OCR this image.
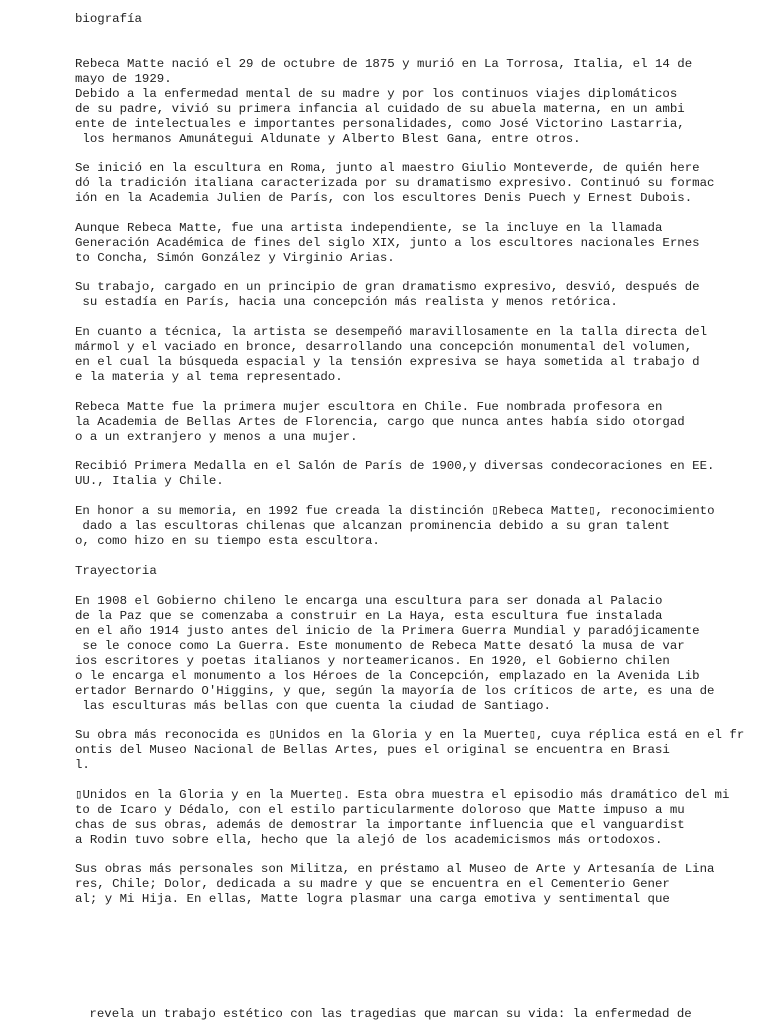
biografía
Rebeca Matte nació el 29 de octubre de 1875 y murió en La Torrosa, Italia, el 14 de
mayo de 1929.
Debido a la enfermedad mental de su madre y por los continuos viajes diplomáticos
de su padre, vivió su primera infancia al cuidado de su abuela materna, en un ambi
ente de intelectuales e importantes personalidades, como José Victorino Lastarria,
los hermanos Amunátegui Aldunate y Alberto Blest Gana, entre otros.
Se inició en la escultura en Roma, junto al maestro Giulio Monteverde, de quién here
dó la tradición italiana caracterizada por su dramatismo expresivo. Continuó su formac
ión en la Academia Julien de París, con los escultores Denis Puech y Ernest Dubois.
Aunque Rebeca Matte, fue una artista independiente, se la incluye en la llamada
Generación Académica de fines del siglo XIX, junto a los escultores nacionales Ernes
to Concha, Simón González y Virginio Arias.
Su trabajo, cargado en un principio de gran dramatismo expresivo, desvió, después de
su estadía en París, hacia una concepción más realista y menos retórica.
En cuanto a técnica, la artista se desempeñó maravillosamente en la talla directa del
mármol y el vaciado en bronce, desarrollando una concepción monumental del volumen,
en el cual la búsqueda espacial y la tensión expresiva se haya sometida al trabajo d
e la materia y al tema representado.
Rebeca Matte fue la primera mujer escultora en Chile. Fue nombrada profesora en
la Academia de Bellas Artes de Florencia, cargo que nunca antes había sido otorgad
o a un extranjero y menos a una mujer.
Recibió Primera Medalla en el Salón de París de 1900,y diversas condecoraciones en EE.
UU., Italia y Chile.
En honor a su memoria, en 1992 fue creada la distinción ▯Rebeca Matte▯, reconocimiento
dado a las escultoras chilenas que alcanzan prominencia debido a su gran talent
o, como hizo en su tiempo esta escultora.
Trayectoria
En 1908 el Gobierno chileno le encarga una escultura para ser donada al Palacio
de la Paz que se comenzaba a construir en La Haya, esta escultura fue instalada
en el año 1914 justo antes del inicio de la Primera Guerra Mundial y paradójicamente
se le conoce como La Guerra. Este monumento de Rebeca Matte desató la musa de var
ios escritores y poetas italianos y norteamericanos. En 1920, el Gobierno chilen
o le encarga el monumento a los Héroes de la Concepción, emplazado en la Avenida Lib
ertador Bernardo O'Higgins, y que, según la mayoría de los críticos de arte, es una de
las esculturas más bellas con que cuenta la ciudad de Santiago.
Su obra más reconocida es ▯Unidos en la Gloria y en la Muerte▯, cuya réplica está en el fr
ontis del Museo Nacional de Bellas Artes, pues el original se encuentra en Brasi
l.
▯Unidos en la Gloria y en la Muerte▯. Esta obra muestra el episodio más dramático del mi
to de Icaro y Dédalo, con el estilo particularmente doloroso que Matte impuso a mu
chas de sus obras, además de demostrar la importante influencia que el vanguardist
a Rodin tuvo sobre ella, hecho que la alejó de los academicismos más ortodoxos.
Sus obras más personales son Militza, en préstamo al Museo de Arte y Artesanía de Lina
res, Chile; Dolor, dedicada a su madre y que se encuentra en el Cementerio Gener
al; y Mi Hija. En ellas, Matte logra plasmar una carga emotiva y sentimental que
revela un trabajo estético con las tragedias que marcan su vida: la enfermedad de
